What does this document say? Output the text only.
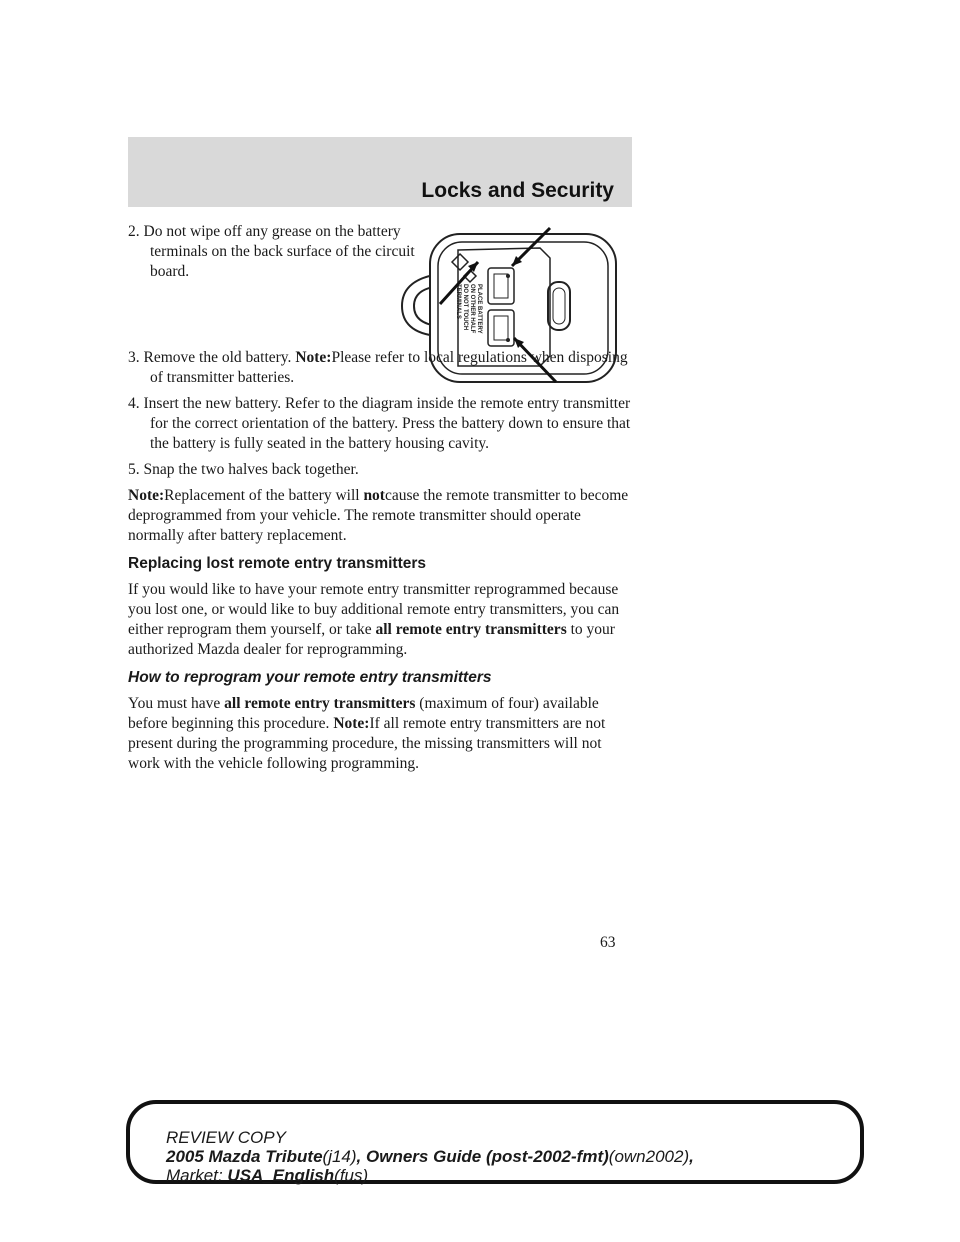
Locks and Security
PLACE BATTERY
ON OTHER HALF
DO NOT TOUCH
TERMINALS

2. Do not wipe off any grease on the battery terminals on the back surface of the circuit board.

3. Remove the old battery. Note:Please refer to local regulations when disposing of transmitter batteries.

4. Insert the new battery. Refer to the diagram inside the remote entry transmitter for the correct orientation of the battery. Press the battery down to ensure that the battery is fully seated in the battery housing cavity.

5. Snap the two halves back together.

Note:Replacement of the battery will notcause the remote transmitter to become deprogrammed from your vehicle. The remote transmitter should operate normally after battery replacement.

Replacing lost remote entry transmitters

If you would like to have your remote entry transmitter reprogrammed because you lost one, or would like to buy additional remote entry transmitters, you can either reprogram them yourself, or take all remote entry transmitters to your authorized Mazda dealer for reprogramming.

How to reprogram your remote entry transmitters

You must have all remote entry transmitters (maximum of four) available before beginning this procedure. Note:If all remote entry transmitters are not present during the programming procedure, the missing transmitters will not work with the vehicle following programming.

63
REVIEW COPY
2005 Mazda Tribute(j14), Owners Guide (post-2002-fmt)(own2002),
Market: USA_English(fus)
